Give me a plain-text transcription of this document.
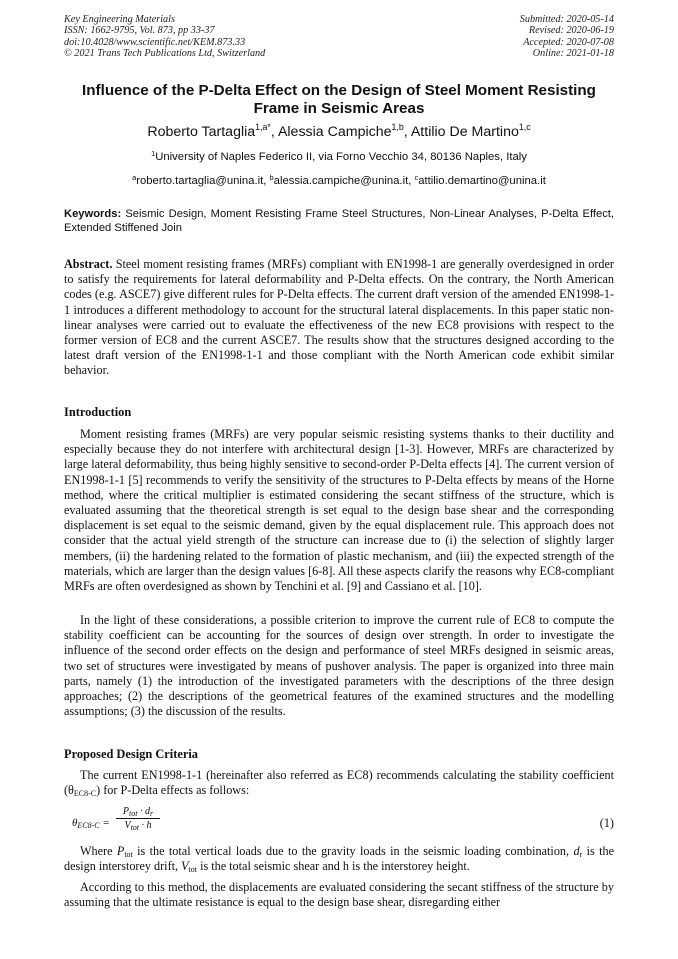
Key Engineering Materials
ISSN: 1662-9795, Vol. 873, pp 33-37
doi:10.4028/www.scientific.net/KEM.873.33
© 2021 Trans Tech Publications Ltd, Switzerland
Submitted: 2020-05-14
Revised: 2020-06-19
Accepted: 2020-07-08
Online: 2021-01-18
Influence of the P-Delta Effect on the Design of Steel Moment Resisting Frame in Seismic Areas
Roberto Tartaglia$^{1,a*}$, Alessia Campiche$^{1,b}$, Attilio De Martino$^{1,c}$
$^1$University of Naples Federico II, via Forno Vecchio 34, 80136 Naples, Italy
$^a$roberto.tartaglia@unina.it, $^b$alessia.campiche@unina.it, $^c$attilio.demartino@unina.it
Keywords: Seismic Design, Moment Resisting Frame Steel Structures, Non-Linear Analyses, P-Delta Effect, Extended Stiffened Join
Abstract. Steel moment resisting frames (MRFs) compliant with EN1998-1 are generally overdesigned in order to satisfy the requirements for lateral deformability and P-Delta effects. On the contrary, the North American codes (e.g. ASCE7) give different rules for P-Delta effects. The current draft version of the amended EN1998-1-1 introduces a different methodology to account for the structural lateral displacements. In this paper static non-linear analyses were carried out to evaluate the effectiveness of the new EC8 provisions with respect to the former version of EC8 and the current ASCE7. The results show that the structures designed according to the latest draft version of the EN1998-1-1 and those compliant with the North American code exhibit similar behavior.
Introduction

Moment resisting frames (MRFs) are very popular seismic resisting systems thanks to their ductility and especially because they do not interfere with architectural design [1-3]. However, MRFs are characterized by large lateral deformability, thus being highly sensitive to second-order P-Delta effects [4]. The current version of EN1998-1-1 [5] recommends to verify the sensitivity of the structures to P-Delta effects by means of the Horne method, where the critical multiplier is estimated considering the secant stiffness of the structure, which is evaluated assuming that the theoretical strength is set equal to the design base shear and the corresponding displacement is set equal to the seismic demand, given by the equal displacement rule. This approach does not consider that the actual yield strength of the structure can increase due to (i) the selection of slightly larger members, (ii) the hardening related to the formation of plastic mechanism, and (iii) the expected strength of the materials, which are larger than the design values [6-8]. All these aspects clarify the reasons why EC8-compliant MRFs are often overdesigned as shown by Tenchini et al. [9] and Cassiano et al. [10].

In the light of these considerations, a possible criterion to improve the current rule of EC8 to compute the stability coefficient can be accounting for the sources of design over strength. In order to investigate the influence of the second order effects on the design and performance of steel MRFs designed in seismic areas, two set of structures were investigated by means of pushover analysis. The paper is organized into three main parts, namely (1) the introduction of the investigated parameters with the descriptions of the three design approaches; (2) the descriptions of the geometrical features of the examined structures and the modelling assumptions; (3) the discussion of the results.

Proposed Design Criteria

The current EN1998-1-1 (hereinafter also referred as EC8) recommends calculating the stability coefficient $(\theta_{EC8-C})$ for P-Delta effects as follows:

$\theta_{EC8-C}$ =
$P_{tot} \cdot d_r$
$V_{tot} \cdot h$	(1)

Where $P_{tot}$ is the total vertical loads due to the gravity loads in the seismic loading combination, $d_r$ is the design interstorey drift, $V_{tot}$ is the total seismic shear and h is the interstorey height.

According to this method, the displacements are evaluated considering the secant stiffness of the structure by assuming that the ultimate resistance is equal to the design base shear, disregarding either
